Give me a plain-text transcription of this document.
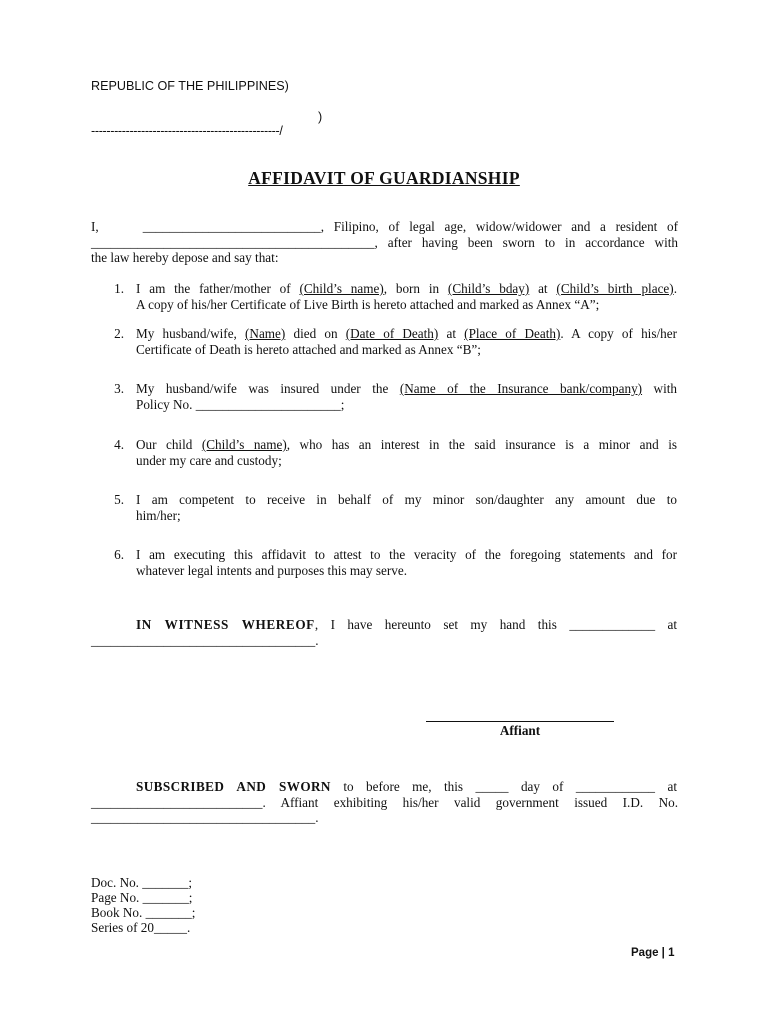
REPUBLIC OF THE PHILIPPINES)
)
-------------------------------------------------/
AFFIDAVIT OF GUARDIANSHIP
I,	___________________________, Filipino, of legal age, widow/widower and a resident of
___________________________________________, after having been sworn to in accordance with
the law hereby depose and say that:
1. I am the father/mother of (Child’s name), born in (Child’s bday) at (Child’s birth place).
A copy of his/her Certificate of Live Birth is hereto attached and marked as Annex “A”;
2. My husband/wife, (Name) died on (Date of Death) at (Place of Death). A copy of his/her
Certificate of Death is hereto attached and marked as Annex “B”;
3. My husband/wife was insured under the (Name of the Insurance bank/company) with
Policy No. ______________________;
4. Our child (Child’s name), who has an interest in the said insurance is a minor and is
under my care and custody;
5. I am competent to receive in behalf of my minor son/daughter any amount due to
him/her;
6. I am executing this affidavit to attest to the veracity of the foregoing statements and for
whatever legal intents and purposes this may serve.
IN WITNESS WHEREOF, I have hereunto set my hand this _____________ at
__________________________________.
Affiant
SUBSCRIBED AND SWORN to before me, this _____ day of ____________ at
__________________________. Affiant exhibiting his/her valid government issued I.D. No.
__________________________________.
Doc. No. _______;
Page No. _______;
Book No. _______;
Series of 20_____.
Page | 1
